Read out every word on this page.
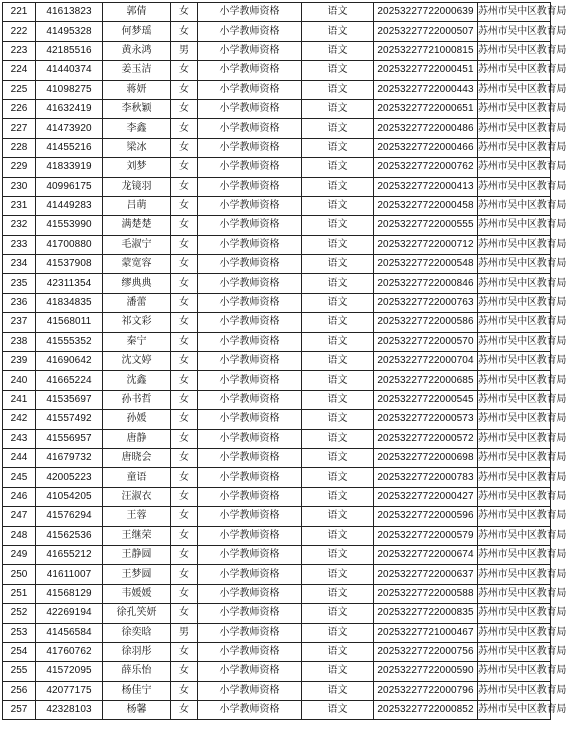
221	41613823	郭倩	女	小学教师资格	语文	20253227722000639	苏州市吴中区教育局
222	41495328	何梦瑶	女	小学教师资格	语文	20253227722000507	苏州市吴中区教育局
223	42185516	黄永鸿	男	小学教师资格	语文	20253227721000815	苏州市吴中区教育局
224	41440374	姜玉洁	女	小学教师资格	语文	20253227722000451	苏州市吴中区教育局
225	41098275	蒋妍	女	小学教师资格	语文	20253227722000443	苏州市吴中区教育局
226	41632419	李秋颖	女	小学教师资格	语文	20253227722000651	苏州市吴中区教育局
227	41473920	李鑫	女	小学教师资格	语文	20253227722000486	苏州市吴中区教育局
228	41455216	梁冰	女	小学教师资格	语文	20253227722000466	苏州市吴中区教育局
229	41833919	刘梦	女	小学教师资格	语文	20253227722000762	苏州市吴中区教育局
230	40996175	龙镜羽	女	小学教师资格	语文	20253227722000413	苏州市吴中区教育局
231	41449283	吕萌	女	小学教师资格	语文	20253227722000458	苏州市吴中区教育局
232	41553990	满楚楚	女	小学教师资格	语文	20253227722000555	苏州市吴中区教育局
233	41700880	毛淑宁	女	小学教师资格	语文	20253227722000712	苏州市吴中区教育局
234	41537908	蒙宽容	女	小学教师资格	语文	20253227722000548	苏州市吴中区教育局
235	42311354	缪典典	女	小学教师资格	语文	20253227722000846	苏州市吴中区教育局
236	41834835	潘蕾	女	小学教师资格	语文	20253227722000763	苏州市吴中区教育局
237	41568011	祁文彩	女	小学教师资格	语文	20253227722000586	苏州市吴中区教育局
238	41555352	秦宁	女	小学教师资格	语文	20253227722000570	苏州市吴中区教育局
239	41690642	沈文婷	女	小学教师资格	语文	20253227722000704	苏州市吴中区教育局
240	41665224	沈鑫	女	小学教师资格	语文	20253227722000685	苏州市吴中区教育局
241	41535697	孙书哲	女	小学教师资格	语文	20253227722000545	苏州市吴中区教育局
242	41557492	孙媛	女	小学教师资格	语文	20253227722000573	苏州市吴中区教育局
243	41556957	唐静	女	小学教师资格	语文	20253227722000572	苏州市吴中区教育局
244	41679732	唐晓会	女	小学教师资格	语文	20253227722000698	苏州市吴中区教育局
245	42005223	童语	女	小学教师资格	语文	20253227722000783	苏州市吴中区教育局
246	41054205	汪淑衣	女	小学教师资格	语文	20253227722000427	苏州市吴中区教育局
247	41576294	王蓉	女	小学教师资格	语文	20253227722000596	苏州市吴中区教育局
248	41562536	王继荣	女	小学教师资格	语文	20253227722000579	苏州市吴中区教育局
249	41655212	王静圆	女	小学教师资格	语文	20253227722000674	苏州市吴中区教育局
250	41611007	王梦圆	女	小学教师资格	语文	20253227722000637	苏州市吴中区教育局
251	41568129	韦媛媛	女	小学教师资格	语文	20253227722000588	苏州市吴中区教育局
252	42269194	徐孔笑妍	女	小学教师资格	语文	20253227722000835	苏州市吴中区教育局
253	41456584	徐奕晗	男	小学教师资格	语文	20253227721000467	苏州市吴中区教育局
254	41760762	徐羽彤	女	小学教师资格	语文	20253227722000756	苏州市吴中区教育局
255	41572095	薛乐怡	女	小学教师资格	语文	20253227722000590	苏州市吴中区教育局
256	42077175	杨佳宁	女	小学教师资格	语文	20253227722000796	苏州市吴中区教育局
257	42328103	杨馨	女	小学教师资格	语文	20253227722000852	苏州市吴中区教育局
